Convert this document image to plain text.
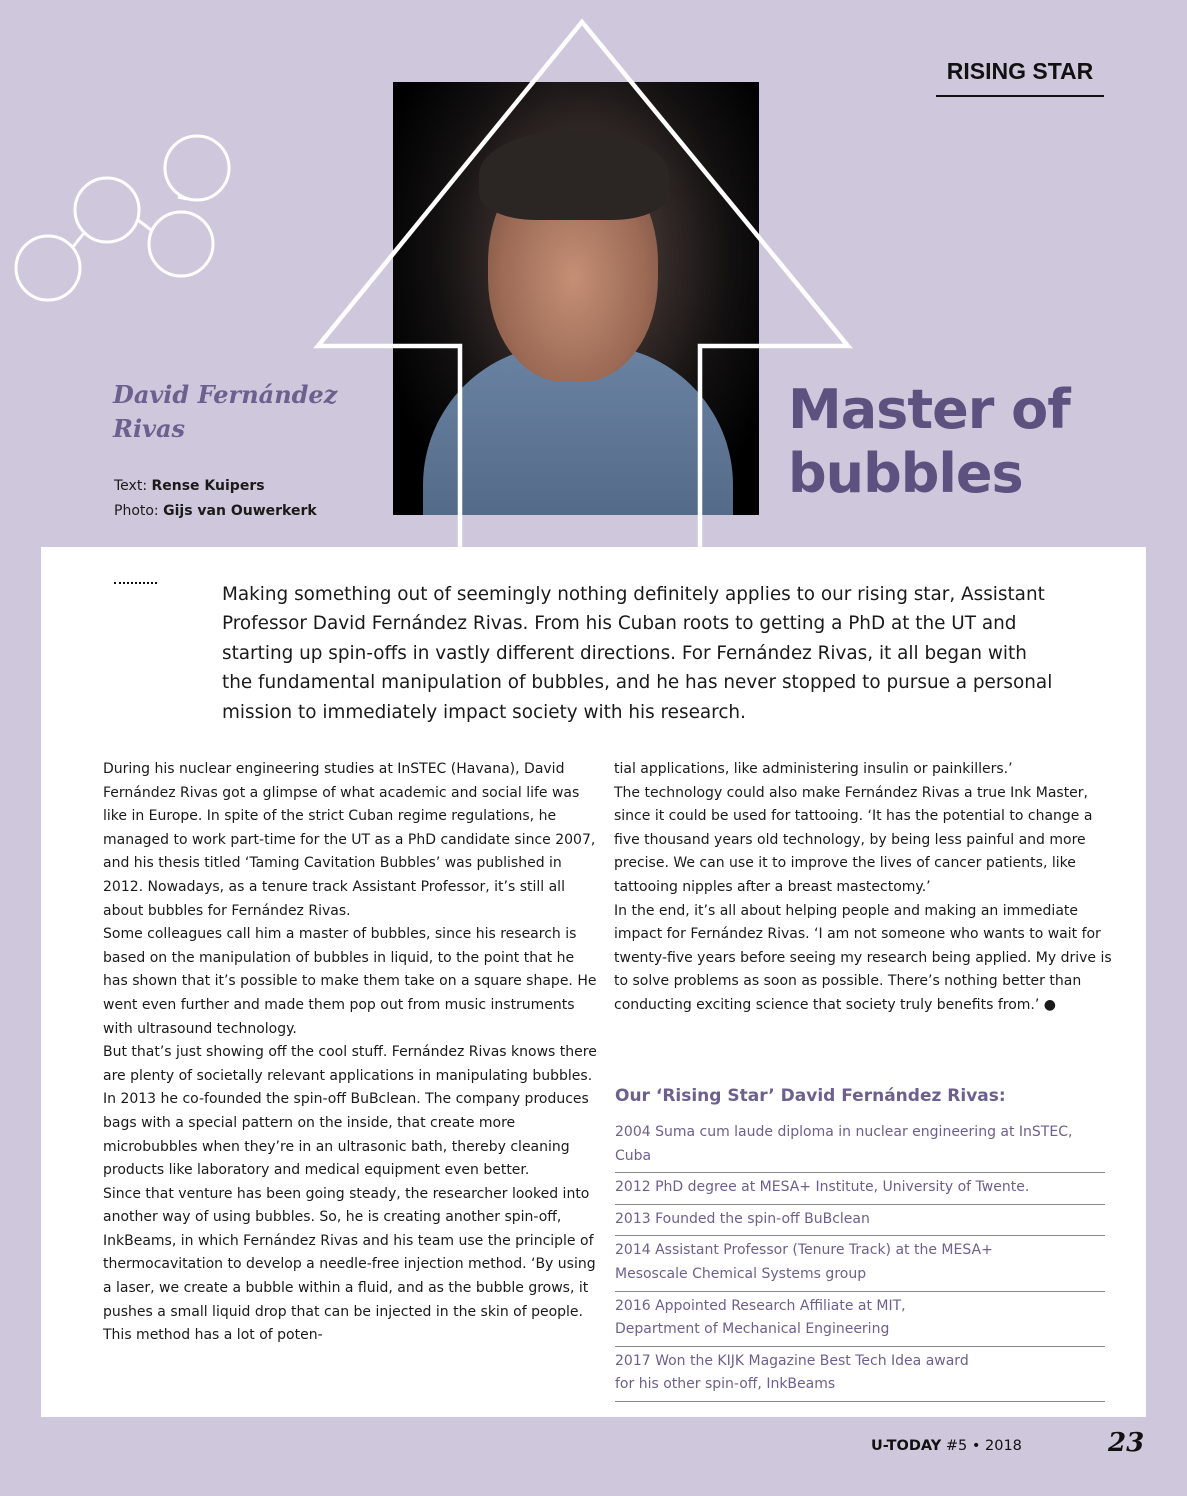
RISING STAR
David Fernández Rivas
Text: Rense Kuipers
Photo: Gijs van Ouwerkerk
Master of bubbles
Making something out of seemingly nothing definitely applies to our rising star, Assistant Professor David Fernández Rivas. From his Cuban roots to getting a PhD at the UT and starting up spin-offs in vastly different directions. For Fernández Rivas, it all began with the fundamental manipulation of bubbles, and he has never stopped to pursue a personal mission to immediately impact society with his research.

During his nuclear engineering studies at InSTEC (Havana), David Fernández Rivas got a glimpse of what academic and social life was like in Europe. In spite of the strict Cuban regime regulations, he managed to work part-time for the UT as a PhD candidate since 2007, and his thesis titled ‘Taming Cavitation Bubbles’ was published in 2012. Nowadays, as a tenure track Assistant Professor, it’s still all about bubbles for Fernández Rivas.

Some colleagues call him a master of bubbles, since his research is based on the manipulation of bubbles in liquid, to the point that he has shown that it’s possible to make them take on a square shape. He went even further and made them pop out from music instruments with ultrasound technology.

But that’s just showing off the cool stuff. Fernández Rivas knows there are plenty of societally relevant applications in manipulating bubbles. In 2013 he co-founded the spin-off BuBclean. The company produces bags with a special pattern on the inside, that create more microbubbles when they’re in an ultrasonic bath, thereby cleaning products like laboratory and medical equipment even better.

Since that venture has been going steady, the researcher looked into another way of using bubbles. So, he is creating another spin-off, InkBeams, in which Fernández Rivas and his team use the principle of thermocavitation to develop a needle-free injection method. ‘By using a laser, we create a bubble within a fluid, and as the bubble grows, it pushes a small liquid drop that can be injected in the skin of people. This method has a lot of poten-

tial applications, like administering insulin or painkillers.’

The technology could also make Fernández Rivas a true Ink Master, since it could be used for tattooing. ‘It has the potential to change a five thousand years old technology, by being less painful and more precise. We can use it to improve the lives of cancer patients, like tattooing nipples after a breast mastectomy.’

In the end, it’s all about helping people and making an immediate impact for Fernández Rivas. ‘I am not someone who wants to wait for twenty-five years before seeing my research being applied. My drive is to solve problems as soon as possible. There’s nothing better than conducting exciting science that society truly benefits from.’ ●

Our ‘Rising Star’ David Fernández Rivas:
2004 Suma cum laude diploma in nuclear engineering at InSTEC, Cuba
2012 PhD degree at MESA+ Institute, University of Twente.
2013 Founded the spin-off BuBclean
2014 Assistant Professor (Tenure Track) at the MESA+
Mesoscale Chemical Systems group
2016 Appointed Research Affiliate at MIT,
Department of Mechanical Engineering
2017 Won the KIJK Magazine Best Tech Idea award
for his other spin-off, InkBeams
U-TODAY #5 • 2018	23
